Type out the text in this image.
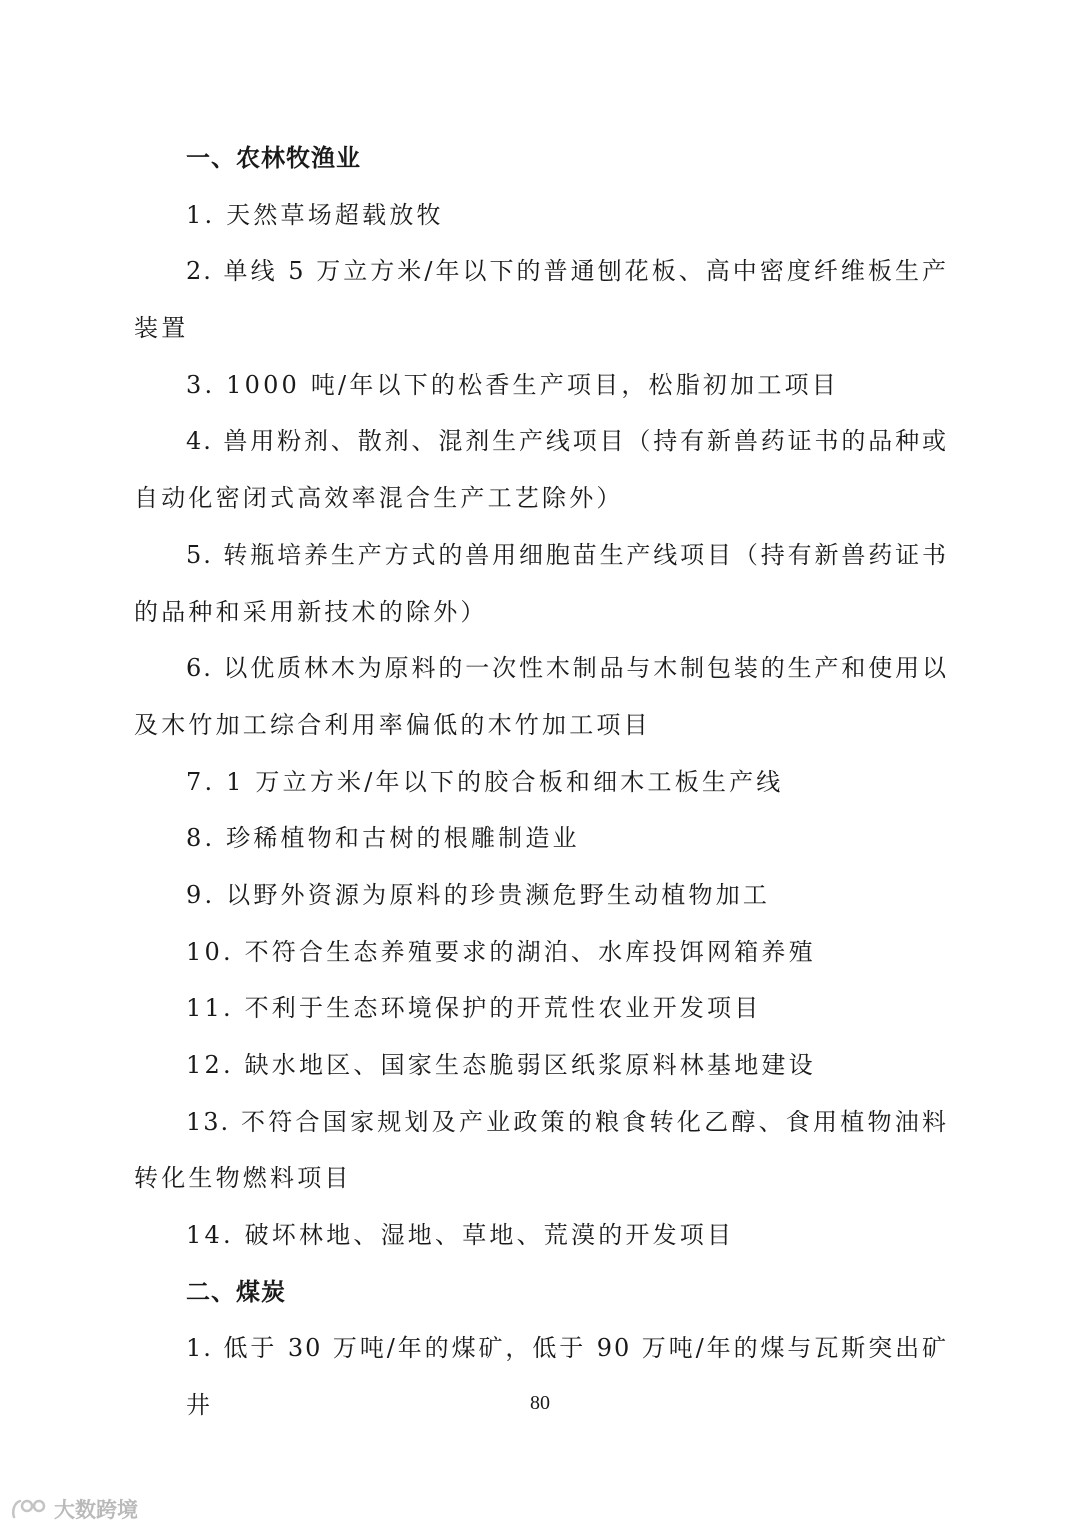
一、农林牧渔业
1. 天然草场超载放牧
2. 单线 5 万立方米/年以下的普通刨花板、高中密度纤维板生产
装置
3. 1000 吨/年以下的松香生产项目，松脂初加工项目
4. 兽用粉剂、散剂、混剂生产线项目（持有新兽药证书的品种或
自动化密闭式高效率混合生产工艺除外）
5. 转瓶培养生产方式的兽用细胞苗生产线项目（持有新兽药证书
的品种和采用新技术的除外）
6. 以优质林木为原料的一次性木制品与木制包装的生产和使用以
及木竹加工综合利用率偏低的木竹加工项目
7. 1 万立方米/年以下的胶合板和细木工板生产线
8. 珍稀植物和古树的根雕制造业
9. 以野外资源为原料的珍贵濒危野生动植物加工
10. 不符合生态养殖要求的湖泊、水库投饵网箱养殖
11. 不利于生态环境保护的开荒性农业开发项目
12. 缺水地区、国家生态脆弱区纸浆原料林基地建设
13. 不符合国家规划及产业政策的粮食转化乙醇、食用植物油料
转化生物燃料项目
14. 破坏林地、湿地、草地、荒漠的开发项目
二、煤炭
1. 低于 30 万吨/年的煤矿，低于 90 万吨/年的煤与瓦斯突出矿井	80
大数跨境
